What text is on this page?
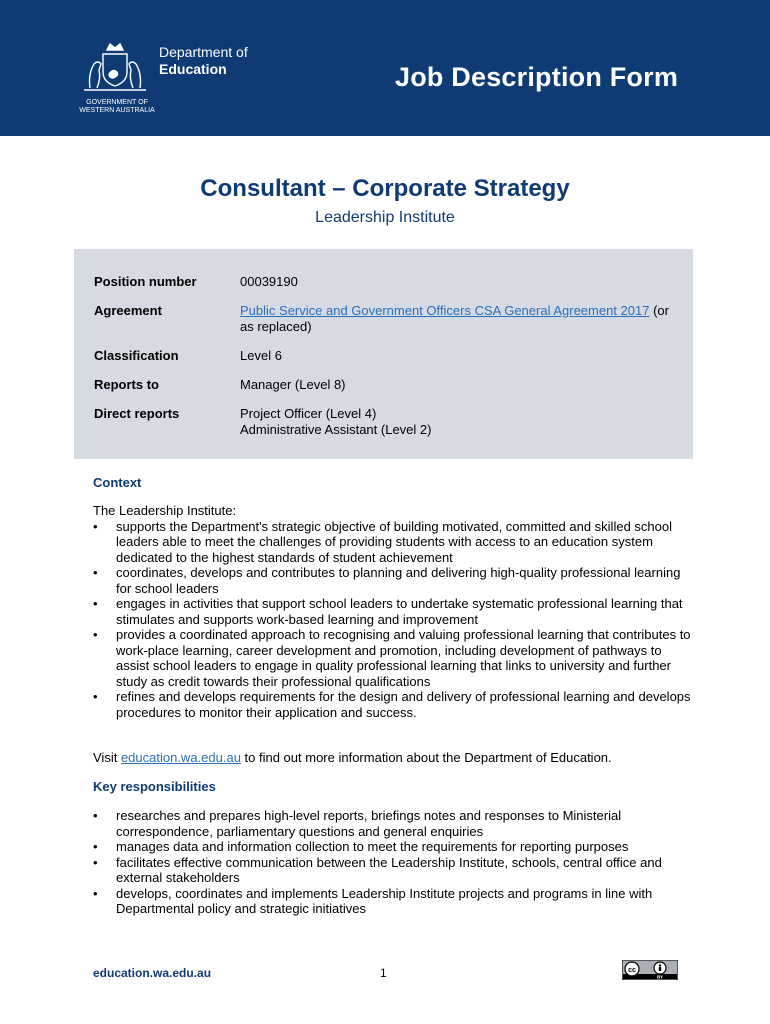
GOVERNMENT OF
WESTERN AUSTRALIA
Department of
Education	Job Description Form
Consultant – Corporate Strategy
Leadership Institute
Position number	00039190
Agreement	Public Service and Government Officers CSA General Agreement 2017 (or as replaced)
Classification	Level 6
Reports to	Manager (Level 8)
Direct reports	Project Officer (Level 4)
Administrative Assistant (Level 2)
Context
The Leadership Institute:
• supports the Department's strategic objective of building motivated, committed and skilled school leaders able to meet the challenges of providing students with access to an education system dedicated to the highest standards of student achievement
• coordinates, develops and contributes to planning and delivering high-quality professional learning for school leaders
• engages in activities that support school leaders to undertake systematic professional learning that stimulates and supports work-based learning and improvement
• provides a coordinated approach to recognising and valuing professional learning that contributes to work-place learning, career development and promotion, including development of pathways to assist school leaders to engage in quality professional learning that links to university and further study as credit towards their professional qualifications
• refines and develops requirements for the design and delivery of professional learning and develops procedures to monitor their application and success.
Visit education.wa.edu.au to find out more information about the Department of Education.
Key responsibilities
• researches and prepares high-level reports, briefings notes and responses to Ministerial correspondence, parliamentary questions and general enquiries
• manages data and information collection to meet the requirements for reporting purposes
• facilitates effective communication between the Leadership Institute, schools, central office and external stakeholders
• develops, coordinates and implements Leadership Institute projects and programs in line with Departmental policy and strategic initiatives
education.wa.edu.au	1	cc
BY
